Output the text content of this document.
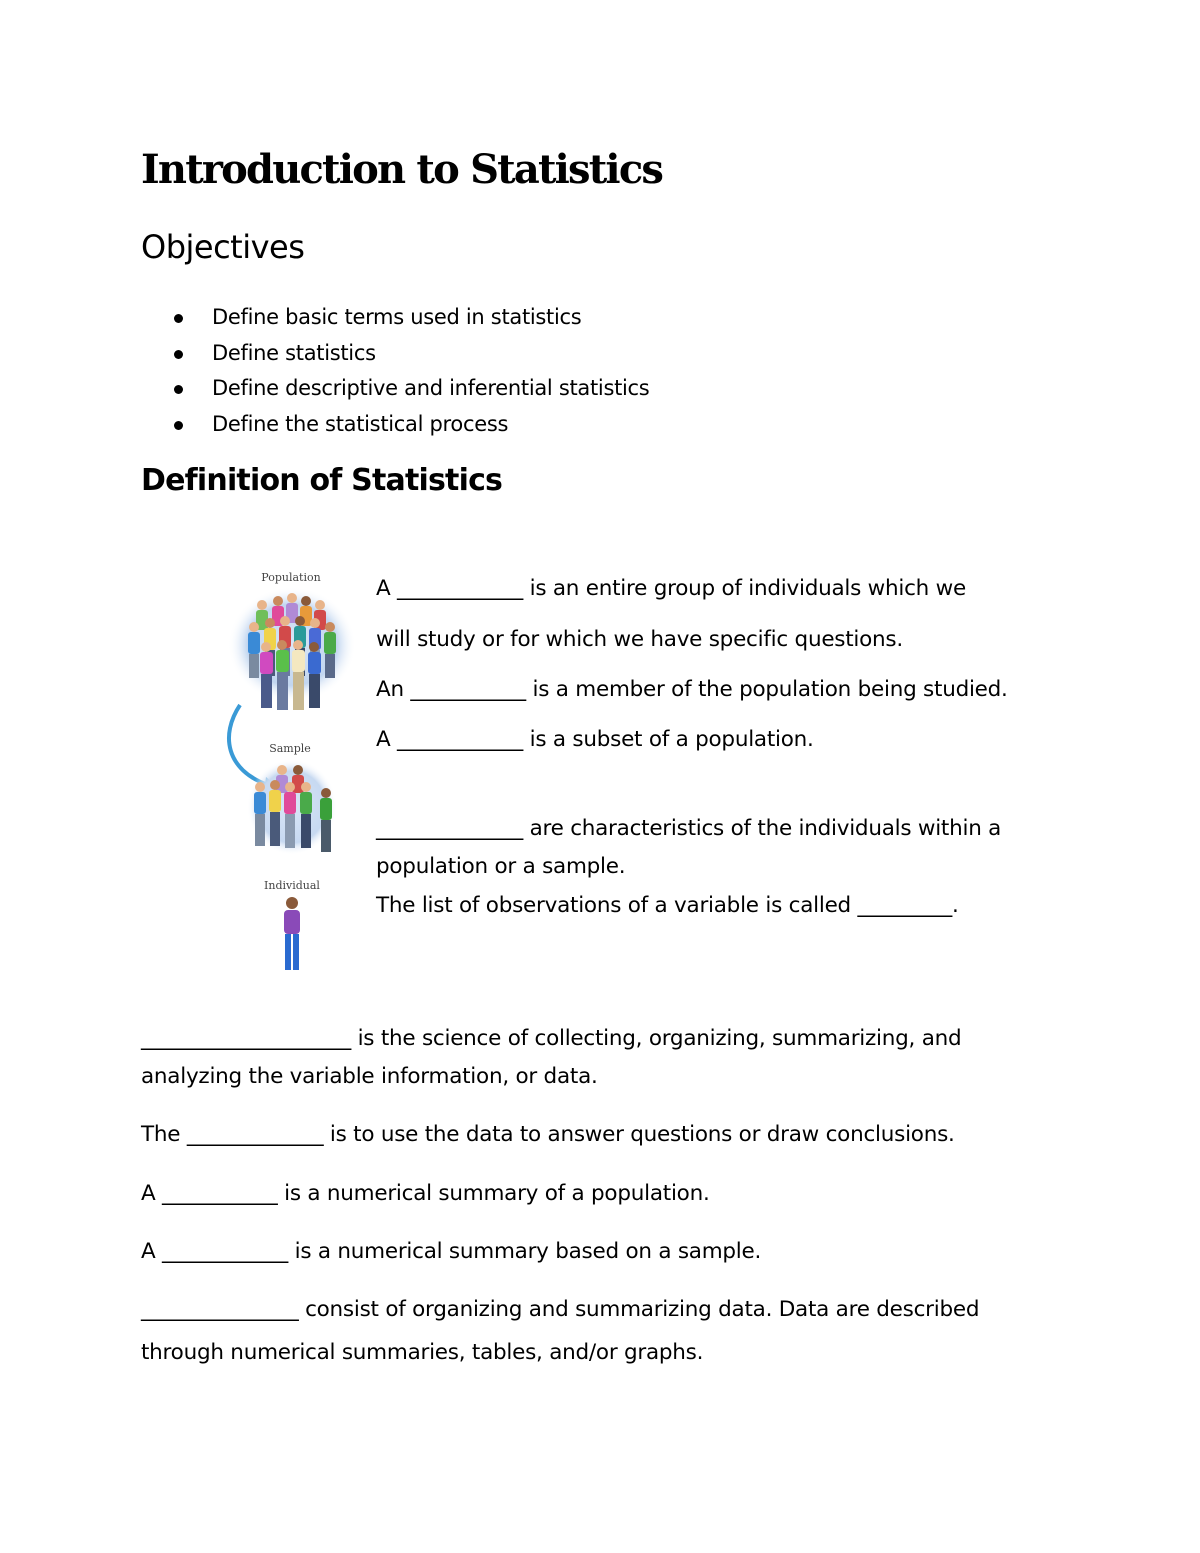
Introduction to Statistics
Objectives
Define basic terms used in statistics
Define statistics
Define descriptive and inferential statistics
Define the statistical process
Definition of Statistics
Population
Sample
Individual
A ____________ is an entire group of individuals which we
will study or for which we have specific questions.
An ___________ is a member of the population being studied.
A ____________ is a subset of a population.
______________ are characteristics of the individuals within a
population or a sample.
The list of observations of a variable is called _________.
____________________ is the science of collecting, organizing, summarizing, and
analyzing the variable information, or data.
The _____________ is to use the data to answer questions or draw conclusions.
A ___________ is a numerical summary of a population.
A ____________ is a numerical summary based on a sample.
_______________ consist of organizing and summarizing data. Data are described
through numerical summaries, tables, and/or graphs.
